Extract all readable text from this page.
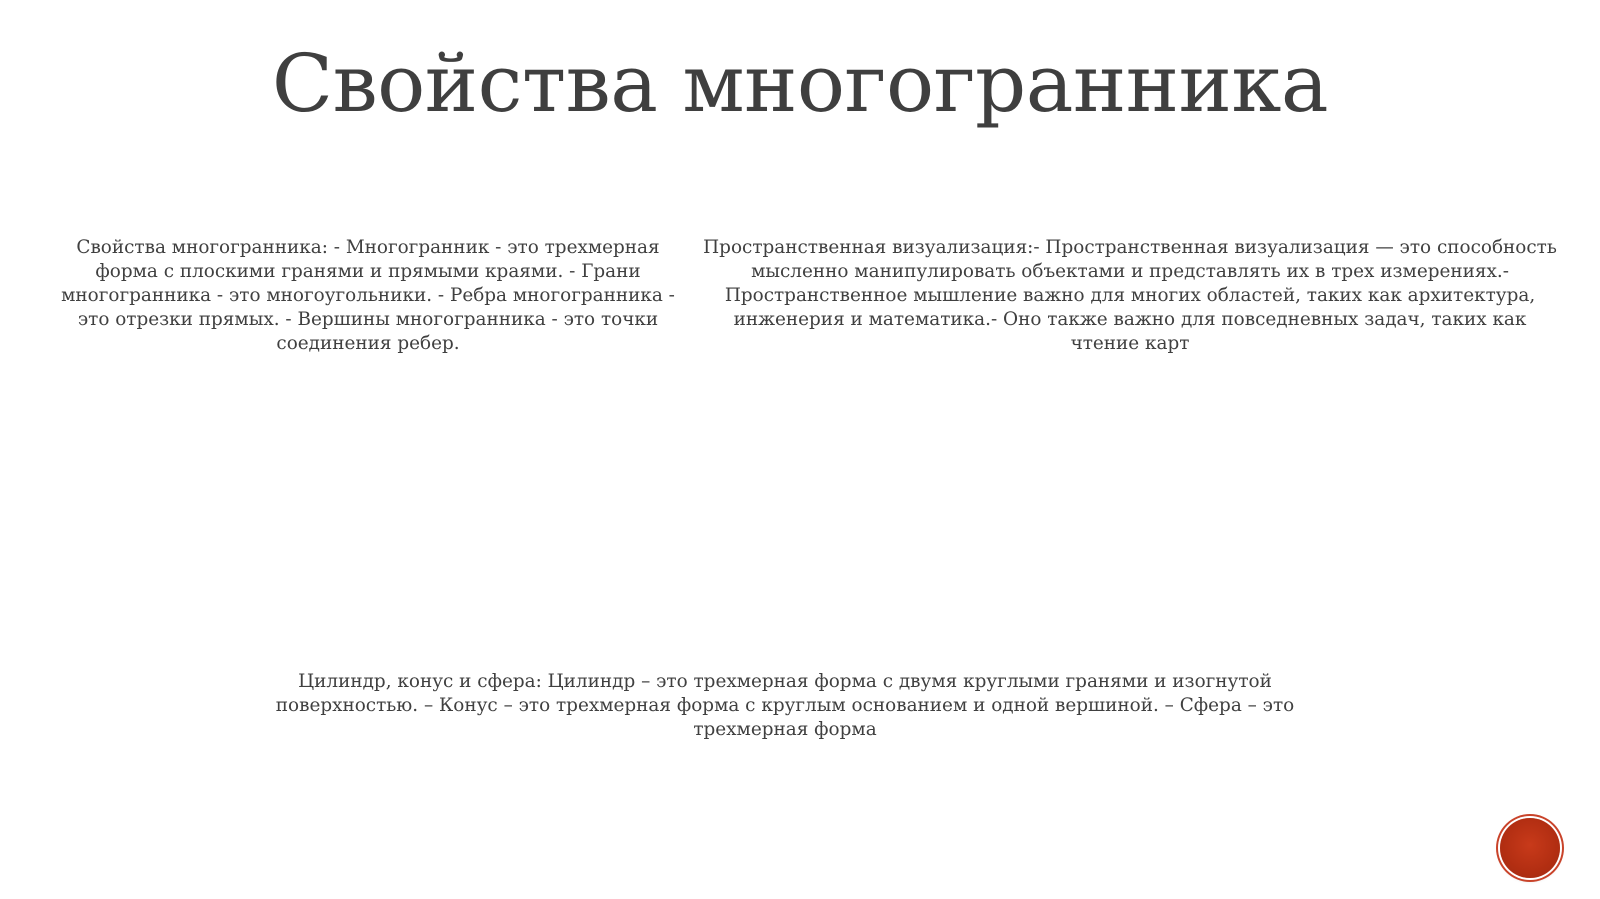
Свойства многогранника
Свойства многогранника: - Многогранник - это трехмерная форма с плоскими гранями и прямыми краями. - Грани многогранника - это многоугольники. - Ребра многогранника - это отрезки прямых. - Вершины многогранника - это точки соединения ребер.
Пространственная визуализация:- Пространственная визуализация — это способность мысленно манипулировать объектами и представлять их в трех измерениях.- Пространственное мышление важно для многих областей, таких как архитектура, инженерия и математика.- Оно также важно для повседневных задач, таких как чтение карт
Цилиндр, конус и сфера: Цилиндр – это трехмерная форма с двумя круглыми гранями и изогнутой поверхностью. – Конус – это трехмерная форма с круглым основанием и одной вершиной. – Сфера – это трехмерная форма
